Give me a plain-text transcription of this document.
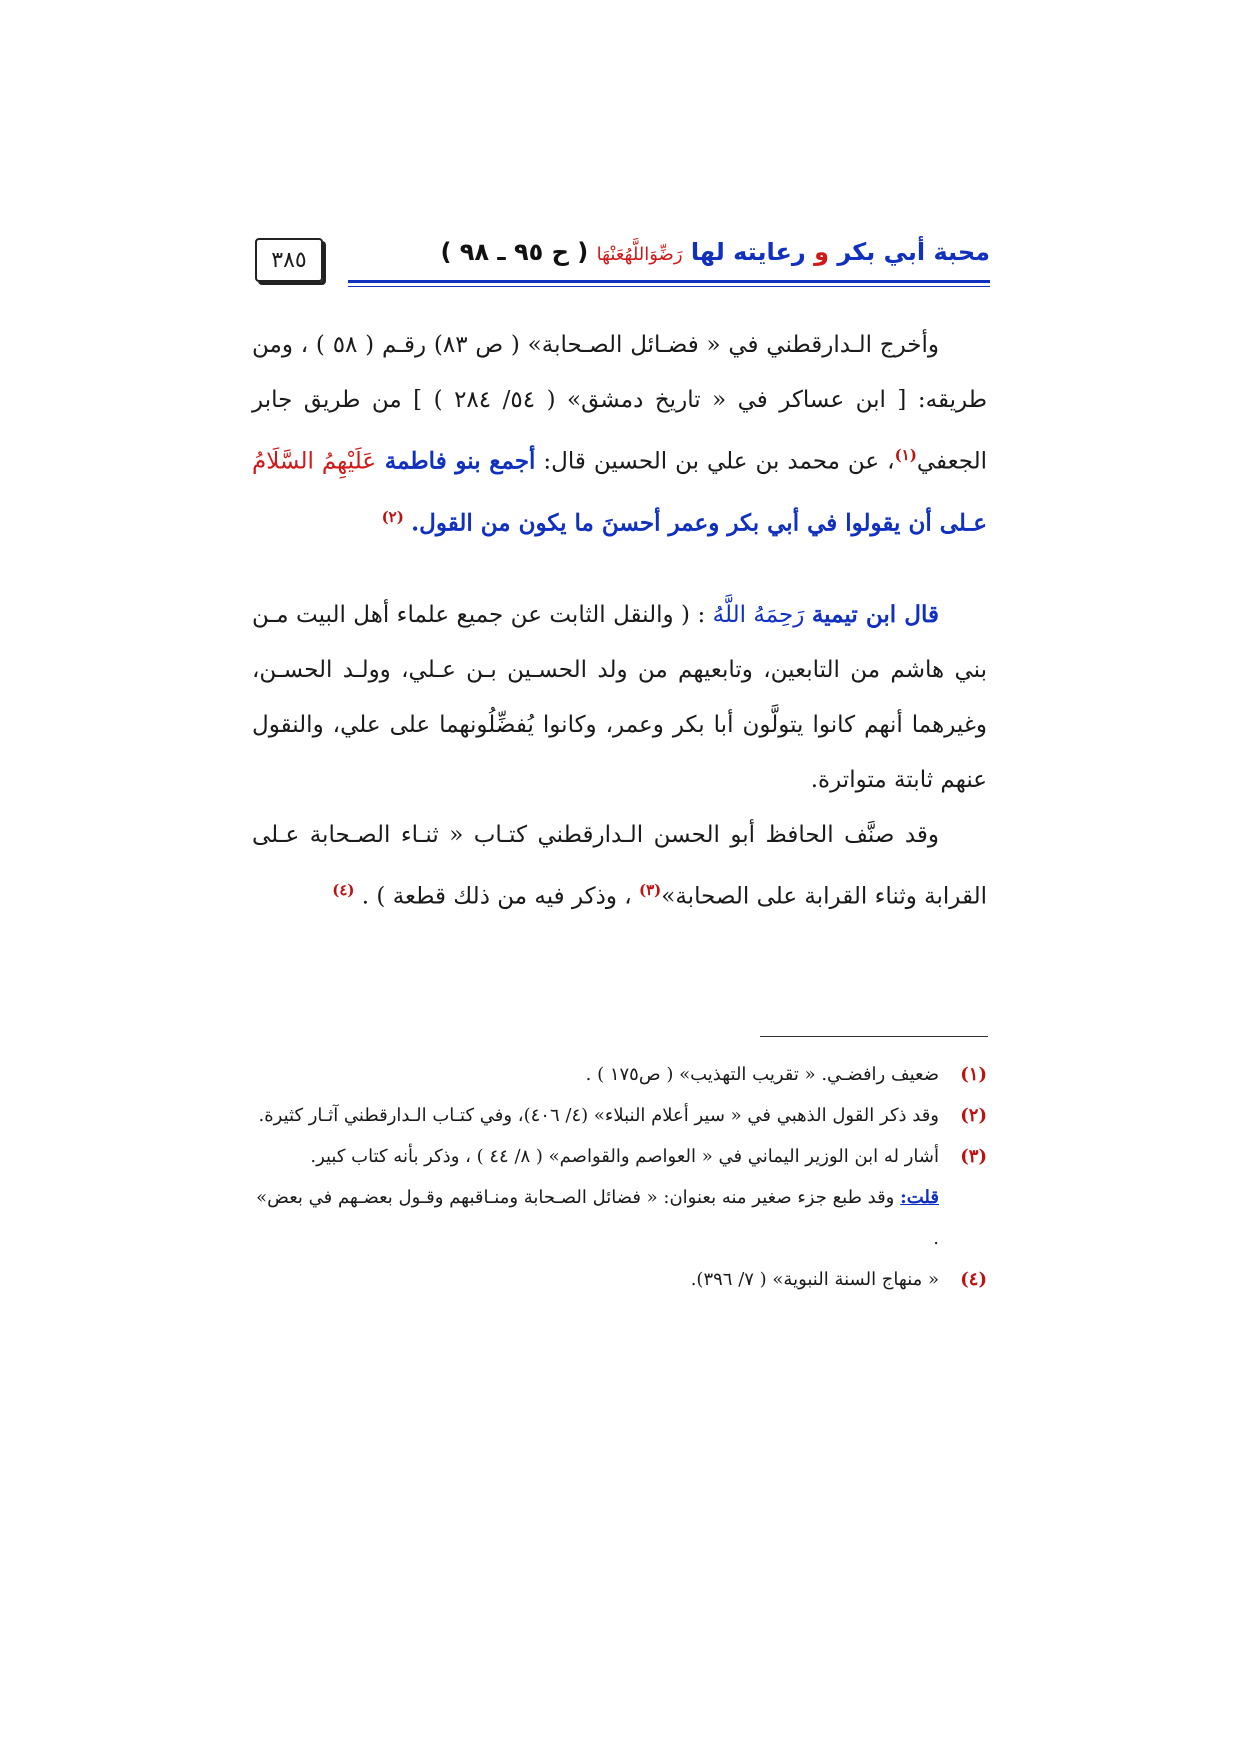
٣٨٥	محبة أبي بكر و رعايته لها رَضِّوَاللَّهُعَنْهَا ( ح ٩٥ ـ ٩٨ )

وأخرج الـدارقطني في « فضـائل الصـحابة» ( ص ٨٣) رقـم ( ٥٨ ) ، ومن طريقه: [ ابن عساكر في « تاريخ دمشق» ( ٥٤/ ٢٨٤ ) ] من طريق جابر الجعفي$^{(١)}$، عن محمد بن علي بن الحسين قال: أجمع بنو فاطمة عَلَيْهِمُ السَّلَامُ عـلى أن يقولوا في أبي بكر وعمر أحسنَ ما يكون من القول. $^{(٢)}$

قال ابن تيمية رَحِمَهُ اللَّهُ : ( والنقل الثابت عن جميع علماء أهل البيت مـن بني هاشم من التابعين، وتابعيهم من ولد الحسـين بـن عـلي، وولـد الحسـن، وغيرهما أنهم كانوا يتولَّون أبا بكر وعمر، وكانوا يُفضِّلُونهما على علي، والنقول عنهم ثابتة متواترة.

وقد صنَّف الحافظ أبو الحسن الـدارقطني كتـاب « ثنـاء الصـحابة عـلى القرابة وثناء القرابة على الصحابة»$^{(٣)}$ ، وذكر فيه من ذلك قطعة ) . $^{(٤)}$

(١)
ضعيف رافضـي. « تقريب التهذيب» ( ص١٧٥ ) .

(٢)
وقد ذكر القول الذهبي في « سير أعلام النبلاء» (٤/ ٤٠٦)، وفي كتـاب الـدارقطني آثـار كثيرة.

(٣)
أشار له ابن الوزير اليماني في « العواصم والقواصم» ( ٨/ ٤٤ ) ، وذكر بأنه كتاب كبير.

قلت: وقد طبع جزء صغير منه بعنوان: « فضائل الصـحابة ومنـاقبهم وقـول بعضـهم في بعض» .

(٤)
« منهاج السنة النبوية» ( ٧/ ٣٩٦).
